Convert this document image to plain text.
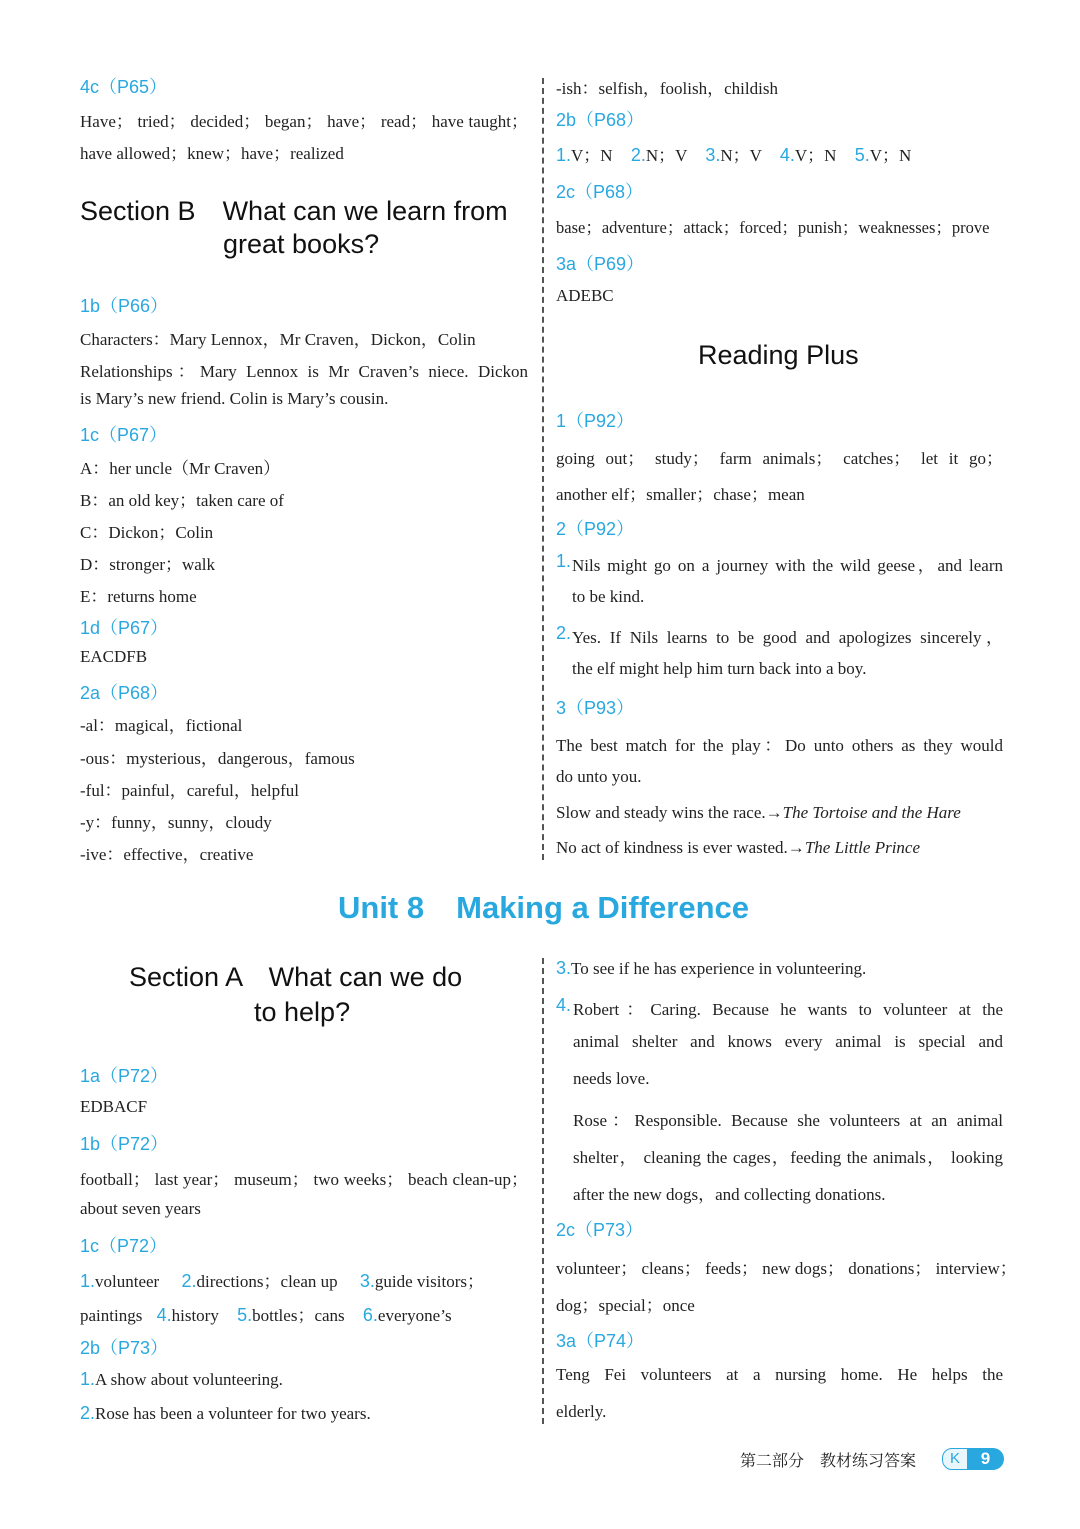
4c（P65）
Have； tried； decided； began； have； read； have taught；
have allowed；knew；have；realized
Section B　What can we learn from
great books?
1b（P66）
Characters：Mary Lennox，Mr Craven，Dickon，Colin
Relationships：Mary Lennox is Mr Craven’s niece. Dickon
is Mary’s new friend. Colin is Mary’s cousin.
1c（P67）
A：her uncle（Mr Craven）
B：an old key；taken care of
C：Dickon；Colin
D：stronger；walk
E：returns home
1d（P67）
EACDFB
2a（P68）
-al：magical，fictional
-ous：mysterious，dangerous，famous
-ful：painful，careful，helpful
-y：funny，sunny，cloudy
-ive：effective，creative
-ish：selfish，foolish，childish
2b（P68）
1.V；N 2.N；V 3.N；V 4.V；N 5.V；N
2c（P68）
base；adventure；attack；forced；punish；weaknesses；prove
3a（P69）
ADEBC
Reading Plus
1（P92）
going out； study； farm animals； catches； let it go；
another elf；smaller；chase；mean
2（P92）
1. Nils might go on a journey with the wild geese，and learn
to be kind.
2. Yes. If Nils learns to be good and apologizes sincerely，
the elf might help him turn back into a boy.
3（P93）
The best match for the play：Do unto others as they would
do unto you.
Slow and steady wins the race.→The Tortoise and the Hare
No act of kindness is ever wasted.→The Little Prince
Unit 8 Making a Difference
Section A　What can we do
to help?
1a（P72）
EDBACF
1b（P72）
football； last year； museum； two weeks； beach clean-up；
about seven years
1c（P72）
1.volunteer 2.directions；clean up 3.guide visitors；
paintings 4.history 5.bottles；cans 6.everyone’s
2b（P73）
1.A show about volunteering.
2.Rose has been a volunteer for two years.
3.To see if he has experience in volunteering.
4. Robert：Caring. Because he wants to volunteer at the
animal shelter and knows every animal is special and
needs love.
Rose：Responsible. Because she volunteers at an animal
shelter， cleaning the cages，feeding the animals， looking
after the new dogs，and collecting donations.
2c（P73）
volunteer； cleans； feeds； new dogs； donations； interview；
dog；special；once
3a（P74）
Teng Fei volunteers at a nursing home. He helps the
elderly.
第二部分　教材练习答案	K	9
